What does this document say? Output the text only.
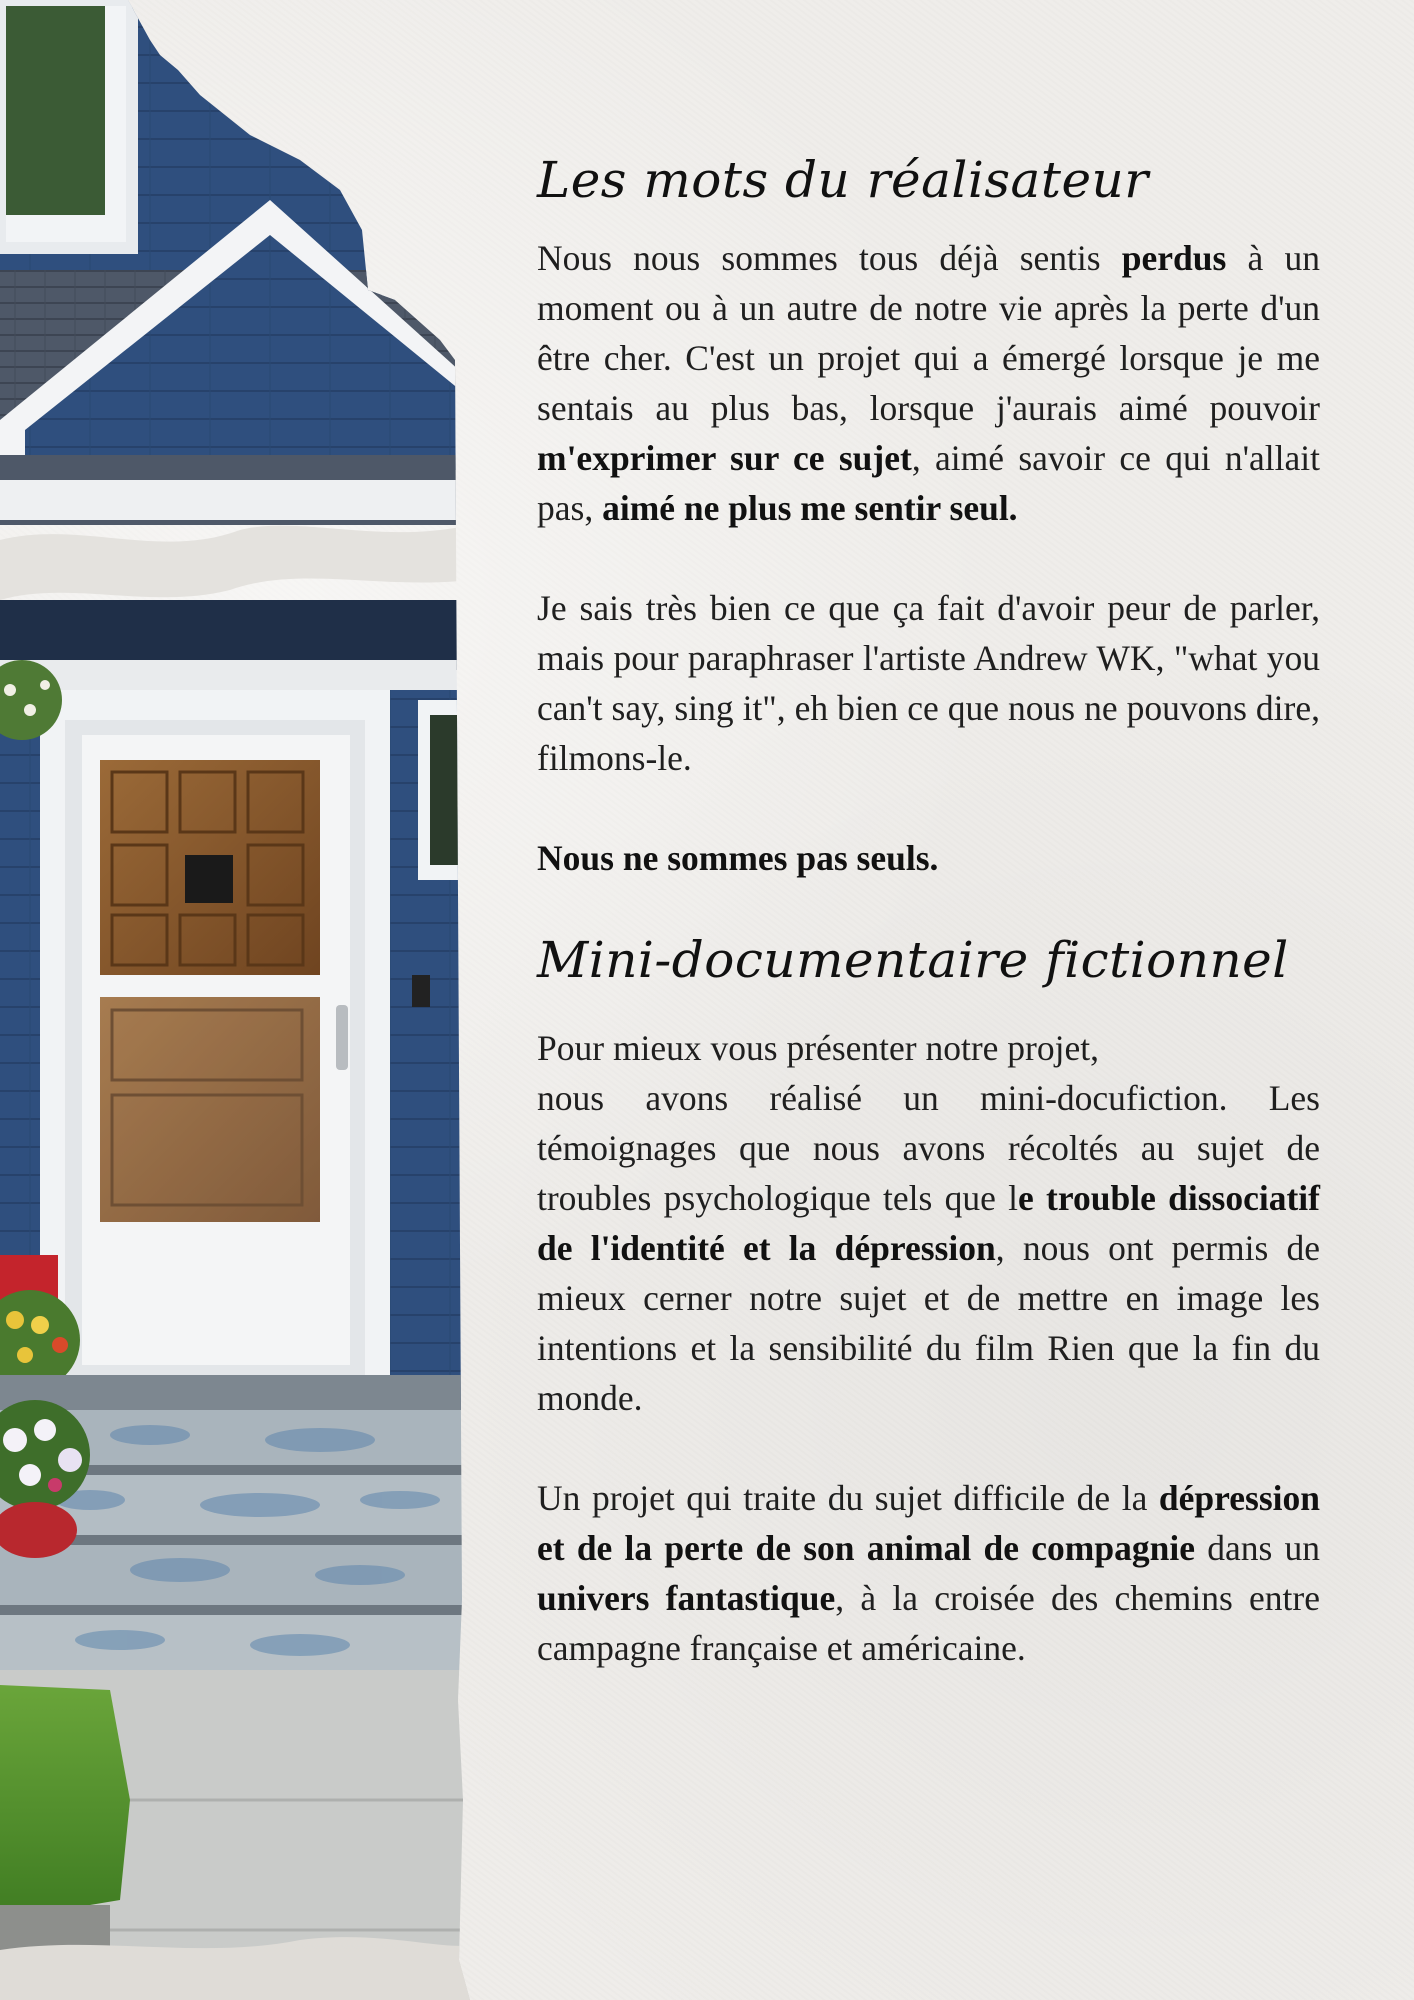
Les mots du réalisateur

Nous nous sommes tous déjà sentis perdus à un moment ou à un autre de notre vie après la perte d'un être cher. C'est un projet qui a émergé lorsque je me sentais au plus bas, lorsque j'aurais aimé pouvoir m'exprimer sur ce sujet, aimé savoir ce qui n'allait pas, aimé ne plus me sentir seul.

Je sais très bien ce que ça fait d'avoir peur de parler, mais pour paraphraser l'artiste Andrew WK, "what you can't say, sing it", eh bien ce que nous ne pouvons dire, filmons-le.

Nous ne sommes pas seuls.

Mini-documentaire fictionnel

Pour mieux vous présenter notre projet,

nous avons réalisé un mini-docufiction. Les témoignages que nous avons récoltés au sujet de troubles psychologique tels que le trouble dissociatif de l'identité et la dépression, nous ont permis de mieux cerner notre sujet et de mettre en image les intentions et la sensibilité du film Rien que la fin du monde.

Un projet qui traite du sujet difficile de la dépression et de la perte de son animal de compagnie dans un univers fantastique, à la croisée des chemins entre campagne française et américaine.
